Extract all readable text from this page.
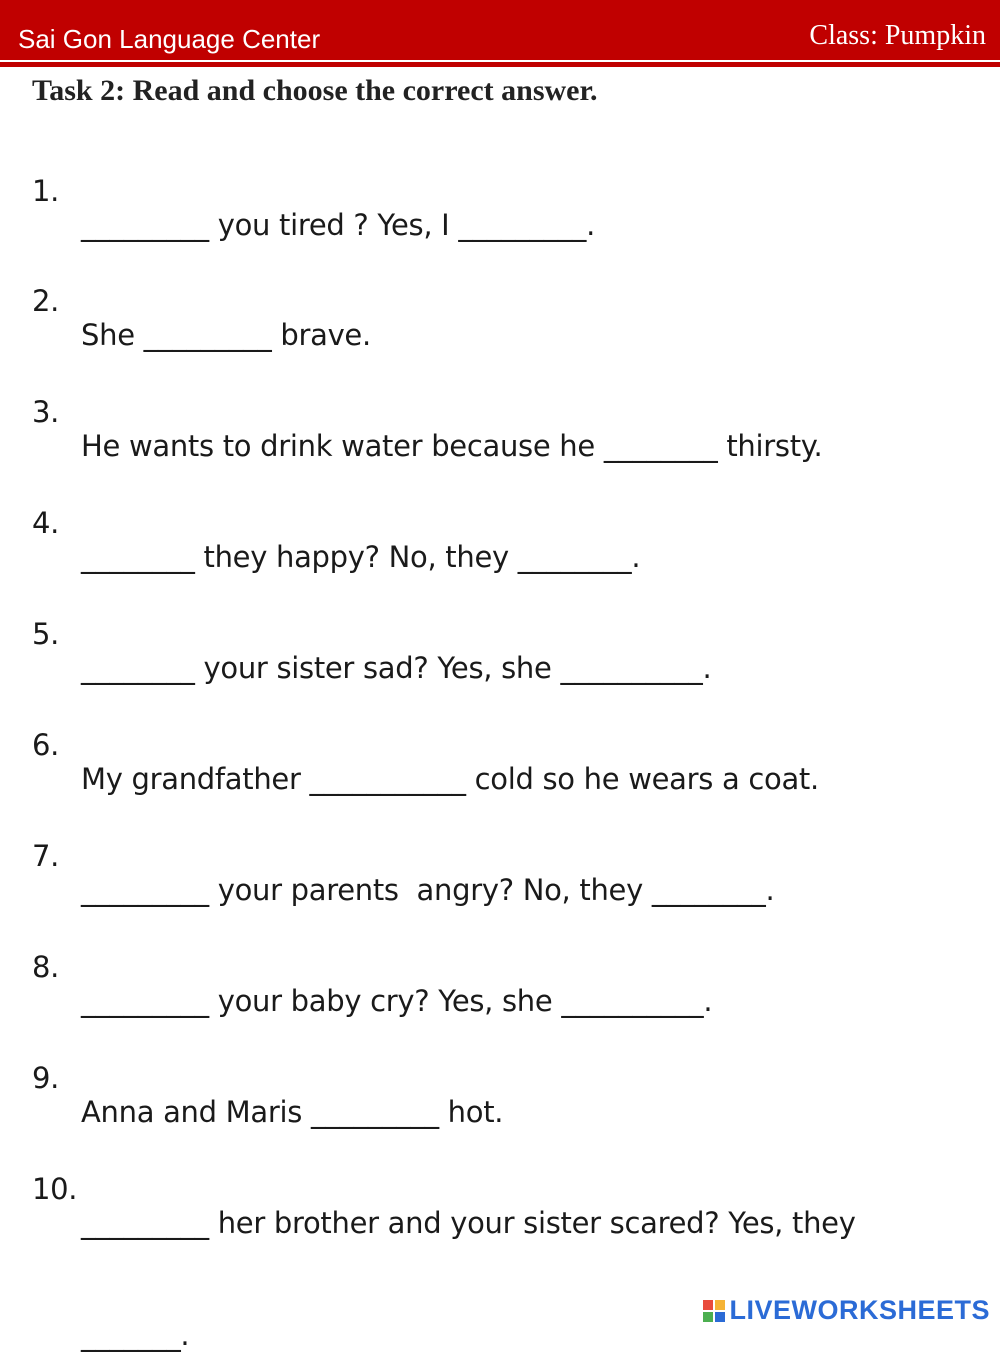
Sai Gon Language Center	Class: Pumpkin
Task 2: Read and choose the correct answer.

1.

_________ you tired ? Yes, I _________.

2.

She _________ brave.

3.

He wants to drink water because he ________ thirsty.

4.

________ they happy? No, they ________.

5.

________ your sister sad? Yes, she __________.

6.

My grandfather ___________ cold so he wears a coat.

7.

_________ your parents  angry? No, they ________.

8.

_________ your baby cry? Yes, she __________.

9.

Anna and Maris _________ hot.

10.

_________ her brother and your sister scared? Yes, they

_______.

LIVEWORKSHEETS
